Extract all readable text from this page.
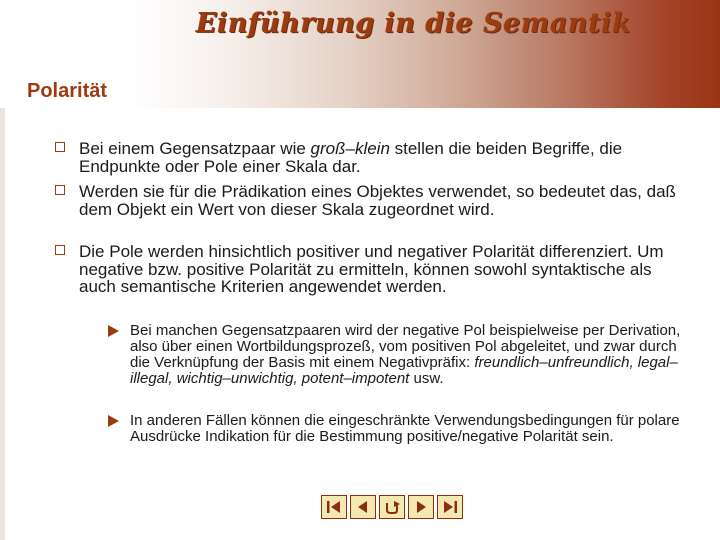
Einführung in die Semantik
Polarität
Bei einem Gegensatzpaar wie groß–klein stellen die beiden Begriffe, die Endpunkte oder Pole einer Skala dar.
Werden sie für die Prädikation eines Objektes verwendet, so bedeutet das, daß dem Objekt ein Wert von dieser Skala zugeordnet wird.
Die Pole werden hinsichtlich positiver und negativer Polarität differenziert. Um negative bzw. positive Polarität zu ermitteln, können sowohl syntaktische als auch semantische Kriterien angewendet werden.
Bei manchen Gegensatzpaaren wird der negative Pol beispielweise per Derivation, also über einen Wortbildungsprozeß, vom positiven Pol abgeleitet, und zwar durch die Verknüpfung der Basis mit einem Negativpräfix: freundlich–unfreundlich, legal–illegal, wichtig–unwichtig, potent–impotent usw.
In anderen Fällen können die eingeschränkte Verwendungsbedingungen für polare Ausdrücke Indikation für die Bestimmung positive/negative Polarität sein.
